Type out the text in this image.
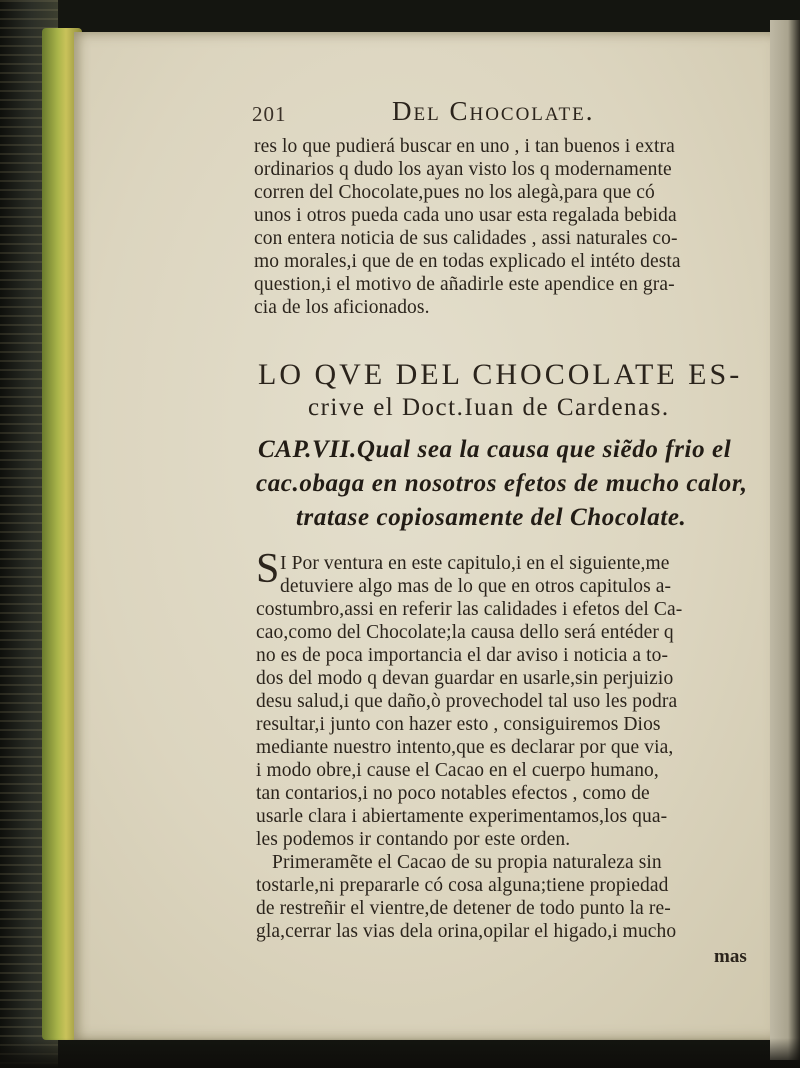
201	Del Chocolate.
res lo que pudierá buscar en uno , i tan buenos i extra
ordinarios q dudo los ayan visto los q modernamente
corren del Chocolate,pues no los alegà,para que có
unos i otros pueda cada uno usar esta regalada bebida
con entera noticia de sus calidades , assi naturales co-
mo morales,i que de en todas explicado el intéto desta
question,i el motivo de añadirle este apendice en gra-
cia de los aficionados.
LO QVE DEL CHOCOLATE ES-
crive el Doct.Iuan de Cardenas.
CAP.VII.Qual sea la causa que siẽdo frio el
cac.obaga en nosotros efetos de mucho calor,
tratase copiosamente del Chocolate.
S I Por ventura en este capitulo,i en el siguiente,me
detuviere algo mas de lo que en otros capitulos a-
costumbro,assi en referir las calidades i efetos del Ca-
cao,como del Chocolate;la causa dello será entéder q
no es de poca importancia el dar aviso i noticia a to-
dos del modo q devan guardar en usarle,sin perjuizio
desu salud,i que daño,ò provechodel tal uso les podra
resultar,i junto con hazer esto , consiguiremos Dios
mediante nuestro intento,que es declarar por que via,
i modo obre,i cause el Cacao en el cuerpo humano,
tan contarios,i no poco notables efectos , como de
usarle clara i abiertamente experimentamos,los qua-
les podemos ir contando por este orden.
Primeramẽte el Cacao de su propia naturaleza sin
tostarle,ni prepararle có cosa alguna;tiene propiedad
de restreñir el vientre,de detener de todo punto la re-
gla,cerrar las vias dela orina,opilar el higado,i mucho
mas
